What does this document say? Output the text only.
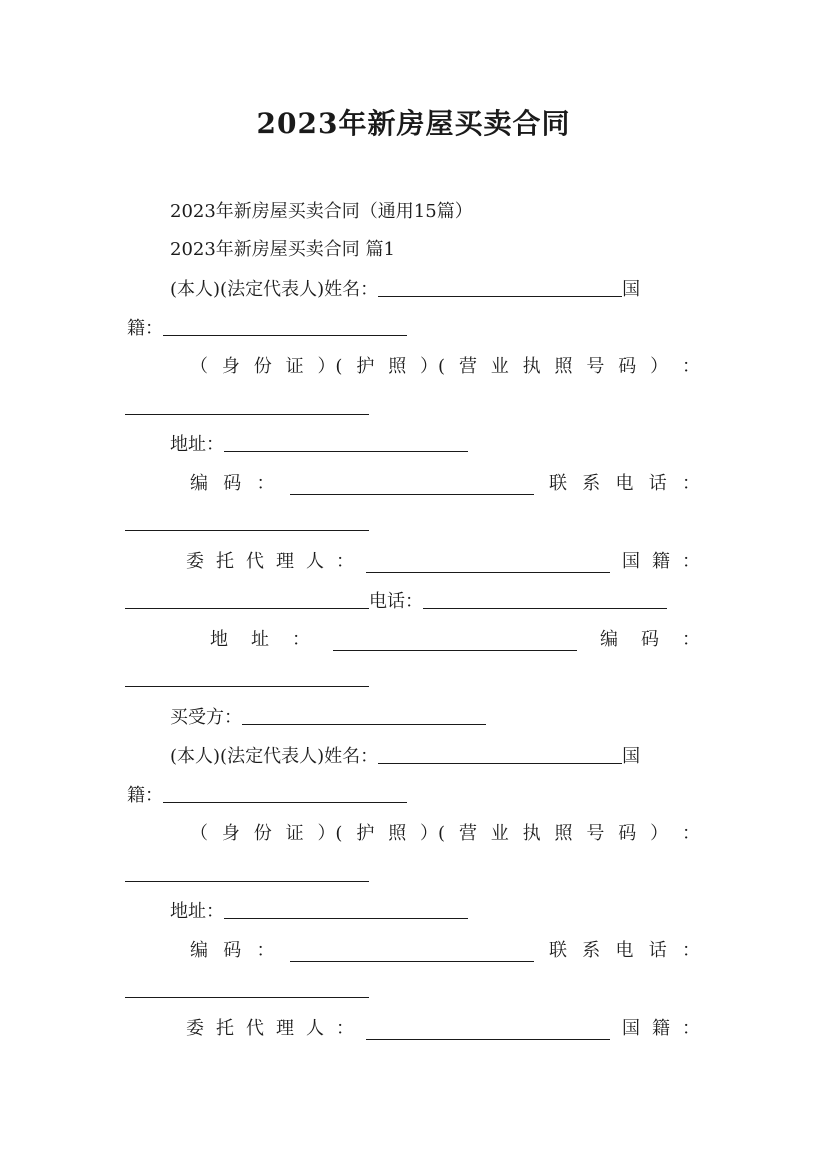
2023年新房屋买卖合同
2023年新房屋买卖合同（通用15篇）
2023年新房屋买卖合同 篇1
(本人)(法定代表人)姓名：	国
籍：
（ 身 份 证 ）( 护 照 ）( 营 业 执 照 号 码 ） ：
地址：
编 码 ：	联 系 电 话 ：
委 托 代 理 人 ：	国 籍 ：
电话：
地 址 ：	编 码 ：
买受方：
(本人)(法定代表人)姓名：	国
籍：
（ 身 份 证 ）( 护 照 ）( 营 业 执 照 号 码 ） ：
地址：
编 码 ：	联 系 电 话 ：
委 托 代 理 人 ：	国 籍 ：
